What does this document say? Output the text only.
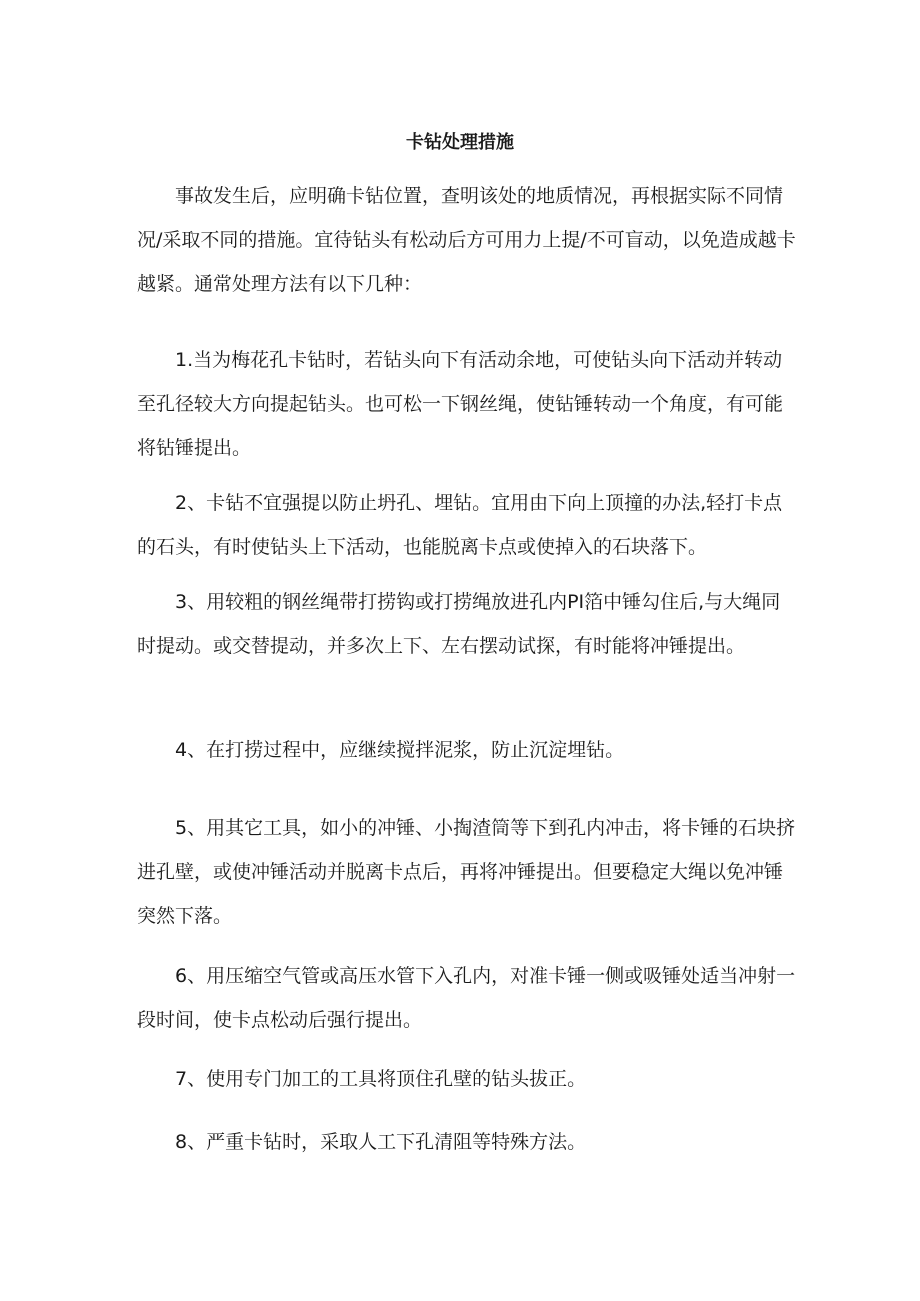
卡钻处理措施

事故发生后，应明确卡钻位置，查明该处的地质情况，再根据实际不同情况/采取不同的措施。宜待钻头有松动后方可用力上提/不可盲动，以免造成越卡越紧。通常处理方法有以下几种：

1.当为梅花孔卡钻时，若钻头向下有活动余地，可使钻头向下活动并转动至孔径较大方向提起钻头。也可松一下钢丝绳，使钻锤转动一个角度，有可能将钻锤提出。

2、卡钻不宜强提以防止坍孔、埋钻。宜用由下向上顶撞的办法,轻打卡点的石头，有时使钻头上下活动，也能脱离卡点或使掉入的石块落下。

3、用较粗的钢丝绳带打捞钩或打捞绳放进孔内PI箔中锤勾住后,与大绳同时提动。或交替提动，并多次上下、左右摆动试探，有时能将冲锤提出。

4、在打捞过程中，应继续搅拌泥浆，防止沉淀埋钻。

5、用其它工具，如小的冲锤、小掏渣筒等下到孔内冲击，将卡锤的石块挤进孔壁，或使冲锤活动并脱离卡点后，再将冲锤提出。但要稳定大绳以免冲锤突然下落。

6、用压缩空气管或高压水管下入孔内，对准卡锤一侧或吸锤处适当冲射一段时间，使卡点松动后强行提出。

7、使用专门加工的工具将顶住孔壁的钻头拔正。

8、严重卡钻时，采取人工下孔清阻等特殊方法。
